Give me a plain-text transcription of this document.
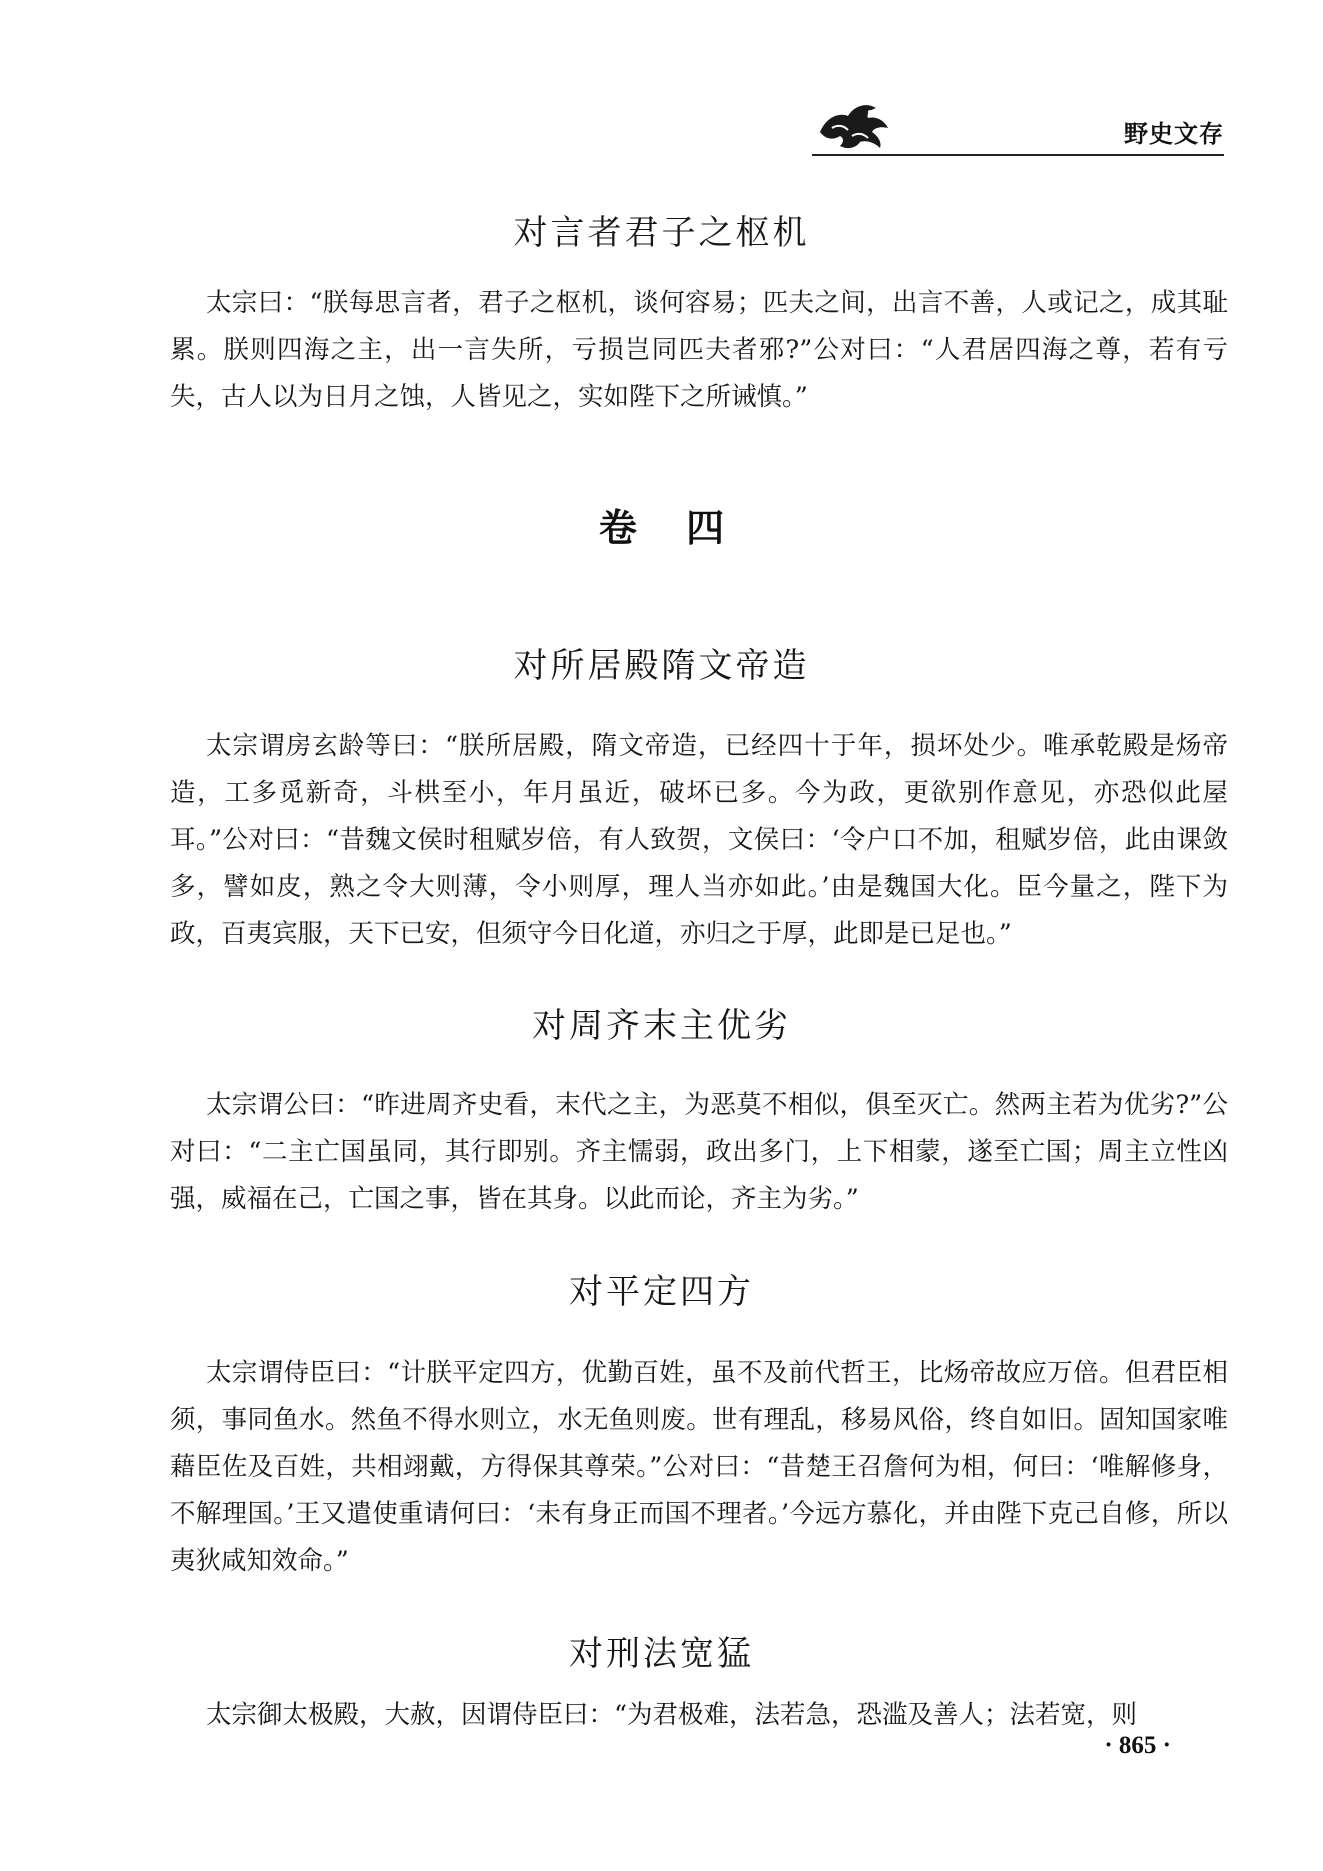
野史文存
对言者君子之枢机

太宗曰：“朕每思言者，君子之枢机，谈何容易；匹夫之间，出言不善，人或记之，成其耻累。朕则四海之主，出一言失所，亏损岂同匹夫者邪?”公对曰：“人君居四海之尊，若有亏失，古人以为日月之蚀，人皆见之，实如陛下之所诫慎。”

卷 四
对所居殿隋文帝造

太宗谓房玄龄等曰：“朕所居殿，隋文帝造，已经四十于年，损坏处少。唯承乾殿是炀帝造，工多觅新奇，斗栱至小，年月虽近，破坏已多。今为政，更欲别作意见，亦恐似此屋耳。”公对曰：“昔魏文侯时租赋岁倍，有人致贺，文侯曰：‘令户口不加，租赋岁倍，此由课敛多，譬如皮，熟之令大则薄，令小则厚，理人当亦如此。’由是魏国大化。臣今量之，陛下为政，百夷宾服，天下已安，但须守今日化道，亦归之于厚，此即是已足也。”

对周齐末主优劣

太宗谓公曰：“昨进周齐史看，末代之主，为恶莫不相似，俱至灭亡。然两主若为优劣?”公对曰：“二主亡国虽同，其行即别。齐主懦弱，政出多门，上下相蒙，遂至亡国；周主立性凶强，威福在己，亡国之事，皆在其身。以此而论，齐主为劣。”

对平定四方

太宗谓侍臣曰：“计朕平定四方，优勤百姓，虽不及前代哲王，比炀帝故应万倍。但君臣相须，事同鱼水。然鱼不得水则立，水无鱼则废。世有理乱，移易风俗，终自如旧。固知国家唯藉臣佐及百姓，共相翊戴，方得保其尊荣。”公对曰：“昔楚王召詹何为相，何曰：‘唯解修身，不解理国。’王又遣使重请何曰：‘未有身正而国不理者。’今远方慕化，并由陛下克己自修，所以夷狄咸知效命。”

对刑法宽猛

太宗御太极殿，大赦，因谓侍臣曰：“为君极难，法若急，恐滥及善人；法若宽，则

· 865 ·
